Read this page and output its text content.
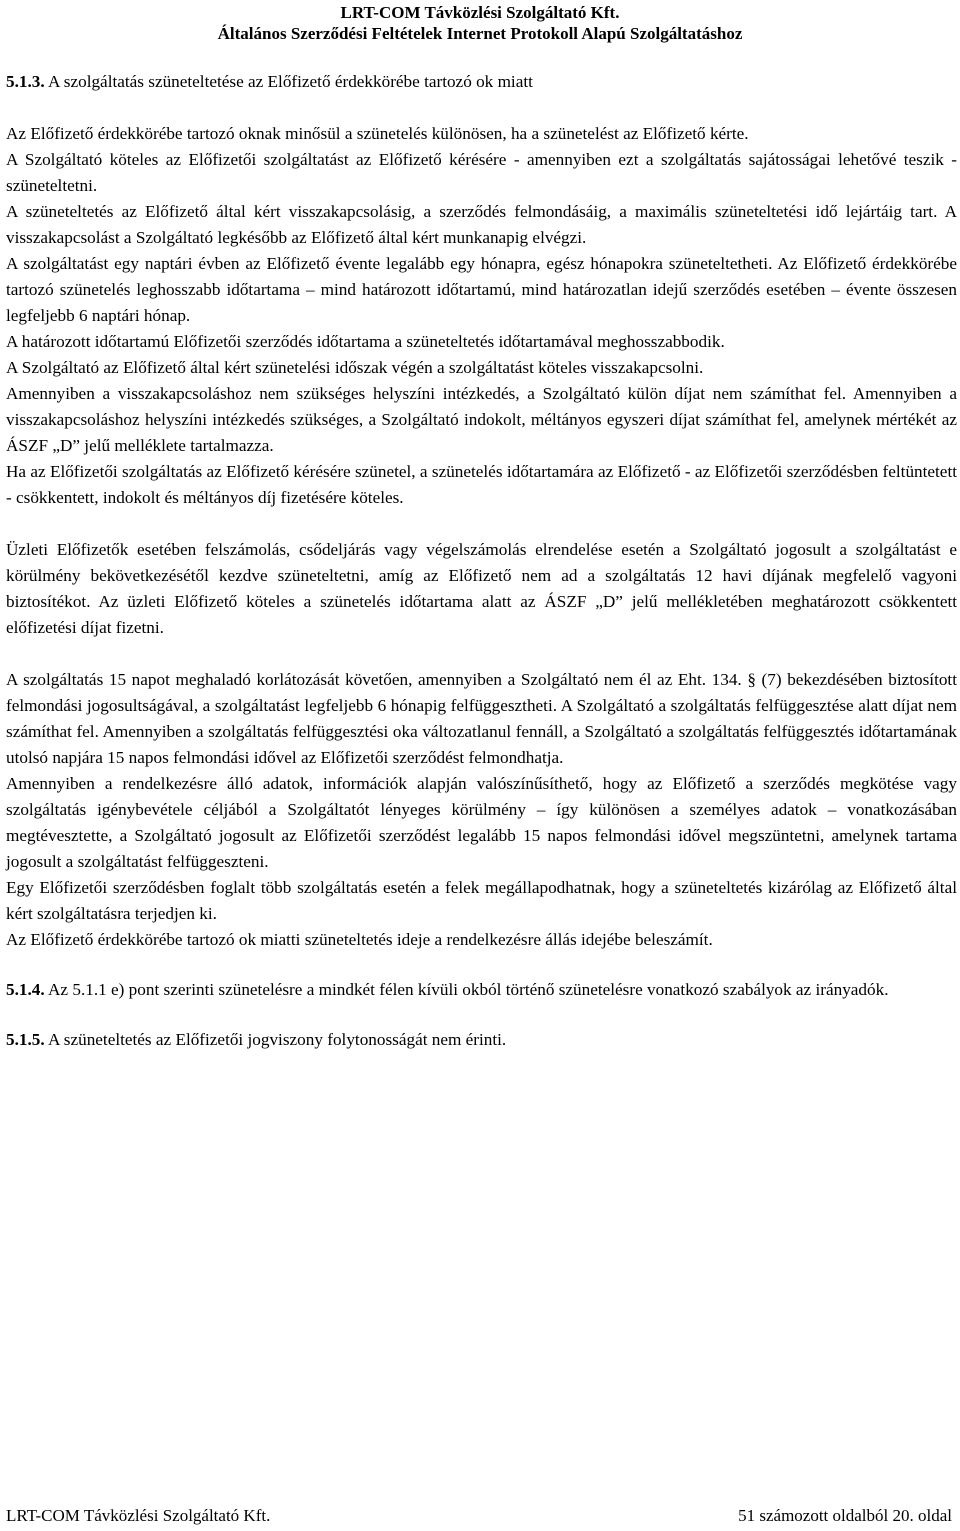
LRT-COM Távközlési Szolgáltató Kft.
Általános Szerződési Feltételek Internet Protokoll Alapú Szolgáltatáshoz

5.1.3. A szolgáltatás szüneteltetése az Előfizető érdekkörébe tartozó ok miatt

Az Előfizető érdekkörébe tartozó oknak minősül a szünetelés különösen, ha a szünetelést az Előfizető kérte.

A Szolgáltató köteles az Előfizetői szolgáltatást az Előfizető kérésére - amennyiben ezt a szolgáltatás sajátosságai lehetővé teszik - szüneteltetni.

A szüneteltetés az Előfizető által kért visszakapcsolásig, a szerződés felmondásáig, a maximális szüneteltetési idő lejártáig tart. A visszakapcsolást a Szolgáltató legkésőbb az Előfizető által kért munkanapig elvégzi.

A szolgáltatást egy naptári évben az Előfizető évente legalább egy hónapra, egész hónapokra szüneteltetheti. Az Előfizető érdekkörébe tartozó szünetelés leghosszabb időtartama – mind határozott időtartamú, mind határozatlan idejű szerződés esetében – évente összesen legfeljebb 6 naptári hónap.

A határozott időtartamú Előfizetői szerződés időtartama a szüneteltetés időtartamával meghosszabbodik.

A Szolgáltató az Előfizető által kért szünetelési időszak végén a szolgáltatást köteles visszakapcsolni.

Amennyiben a visszakapcsoláshoz nem szükséges helyszíni intézkedés, a Szolgáltató külön díjat nem számíthat fel. Amennyiben a visszakapcsoláshoz helyszíni intézkedés szükséges, a Szolgáltató indokolt, méltányos egyszeri díjat számíthat fel, amelynek mértékét az ÁSZF „D” jelű melléklete tartalmazza.

Ha az Előfizetői szolgáltatás az Előfizető kérésére szünetel, a szünetelés időtartamára az Előfizető - az Előfizetői szerződésben feltüntetett - csökkentett, indokolt és méltányos díj fizetésére köteles.

Üzleti Előfizetők esetében felszámolás, csődeljárás vagy végelszámolás elrendelése esetén a Szolgáltató jogosult a szolgáltatást e körülmény bekövetkezésétől kezdve szüneteltetni, amíg az Előfizető nem ad a szolgáltatás 12 havi díjának megfelelő vagyoni biztosítékot. Az üzleti Előfizető köteles a szünetelés időtartama alatt az ÁSZF „D” jelű mellékletében meghatározott csökkentett előfizetési díjat fizetni.

A szolgáltatás 15 napot meghaladó korlátozását követően, amennyiben a Szolgáltató nem él az Eht. 134. § (7) bekezdésében biztosított felmondási jogosultságával, a szolgáltatást legfeljebb 6 hónapig felfüggesztheti. A Szolgáltató a szolgáltatás felfüggesztése alatt díjat nem számíthat fel. Amennyiben a szolgáltatás felfüggesztési oka változatlanul fennáll, a Szolgáltató a szolgáltatás felfüggesztés időtartamának utolsó napjára 15 napos felmondási idővel az Előfizetői szerződést felmondhatja.

Amennyiben a rendelkezésre álló adatok, információk alapján valószínűsíthető, hogy az Előfizető a szerződés megkötése vagy szolgáltatás igénybevétele céljából a Szolgáltatót lényeges körülmény – így különösen a személyes adatok – vonatkozásában megtévesztette, a Szolgáltató jogosult az Előfizetői szerződést legalább 15 napos felmondási idővel megszüntetni, amelynek tartama jogosult a szolgáltatást felfüggeszteni.

Egy Előfizetői szerződésben foglalt több szolgáltatás esetén a felek megállapodhatnak, hogy a szüneteltetés kizárólag az Előfizető által kért szolgáltatásra terjedjen ki.

Az Előfizető érdekkörébe tartozó ok miatti szüneteltetés ideje a rendelkezésre állás idejébe beleszámít.

5.1.4. Az 5.1.1 e) pont szerinti szünetelésre a mindkét félen kívüli okból történő szünetelésre vonatkozó szabályok az irányadók.

5.1.5. A szüneteltetés az Előfizetői jogviszony folytonosságát nem érinti.

LRT-COM Távközlési Szolgáltató Kft.	51 számozott oldalból 20. oldal
